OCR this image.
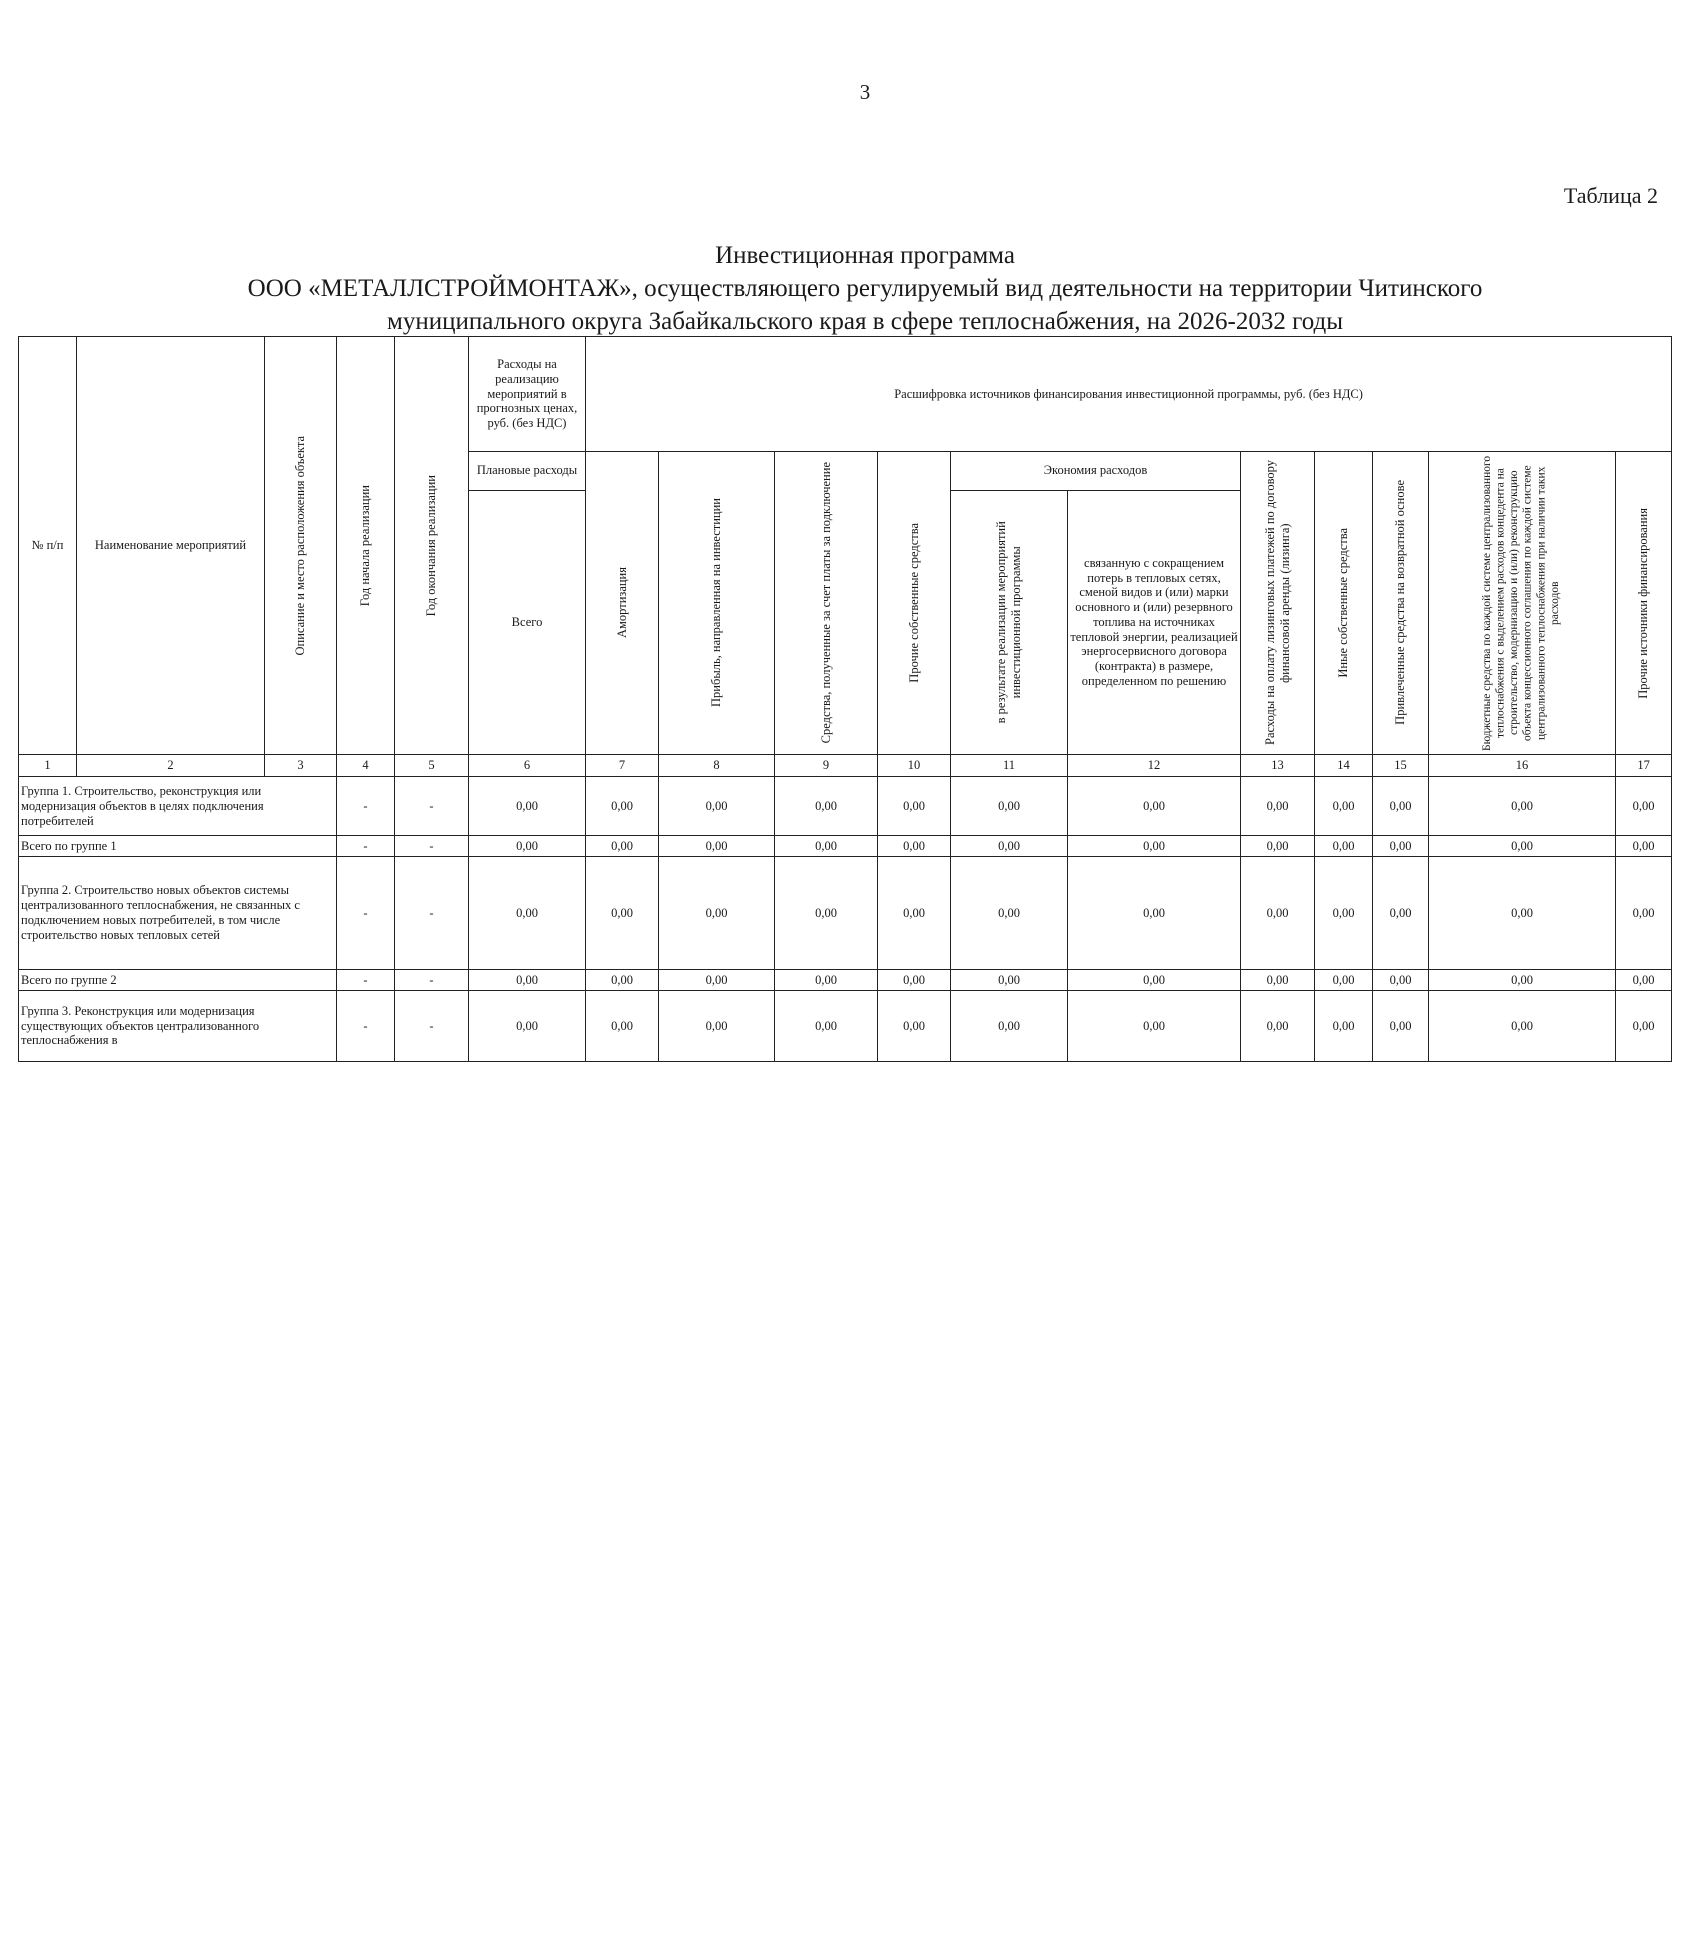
3
Таблица 2
Инвестиционная программа
ООО «МЕТАЛЛСТРОЙМОНТАЖ», осуществляющего регулируемый вид деятельности на территории Читинского
муниципального округа Забайкальского края в сфере теплоснабжения, на 2026-2032 годы
№ п/п	Наименование мероприятий	Описание и место расположения объекта	Год начала реализации	Год окончания реализации	Расходы на реализацию мероприятий в прогнозных ценах, руб. (без НДС)	Расшифровка источников финансирования инвестиционной программы, руб. (без НДС)										
					Плановые расходы	Амортизация	Прибыль, направленная на инвестиции	Средства, полученные за счет платы за подключение	Прочие собственные средства	Экономия расходов		Расходы на оплату лизинговых платежей по договору финансовой аренды (лизинга)	Иные собственные средства	Привлеченные средства на возвратной основе	Бюджетные средства по каждой системе централизованного теплоснабжения с выделением расходов концедента на строительство, модернизацию и (или) реконструкцию объекта концессионного соглашения по каждой системе централизованного теплоснабжения при наличии таких расходов	Прочие источники финансирования

					Всего					в результате реализации мероприятий инвестиционной программы	связанную с сокращением потерь в тепловых сетях, сменой видов и (или) марки основного и (или) резервного топлива на источниках тепловой энергии, реализацией энергосервисного договора (контракта) в размере, определенном по решению					
1	2	3	4	5	6	7	8	9	10	11	12	13	14	15	16	17
Группа 1. Строительство, реконструкция или модернизация объектов в целях подключения потребителей			-	-	0,00	0,00	0,00	0,00	0,00	0,00	0,00	0,00	0,00	0,00	0,00	0,00
Всего по группе 1			-	-	0,00	0,00	0,00	0,00	0,00	0,00	0,00	0,00	0,00	0,00	0,00	0,00
Группа 2. Строительство новых объектов системы централизованного теплоснабжения, не связанных с подключением новых потребителей, в том числе строительство новых тепловых сетей			-	-	0,00	0,00	0,00	0,00	0,00	0,00	0,00	0,00	0,00	0,00	0,00	0,00
Всего по группе 2			-	-	0,00	0,00	0,00	0,00	0,00	0,00	0,00	0,00	0,00	0,00	0,00	0,00
Группа 3. Реконструкция или модернизация существующих объектов централизованного теплоснабжения в			-	-	0,00	0,00	0,00	0,00	0,00	0,00	0,00	0,00	0,00	0,00	0,00	0,00
